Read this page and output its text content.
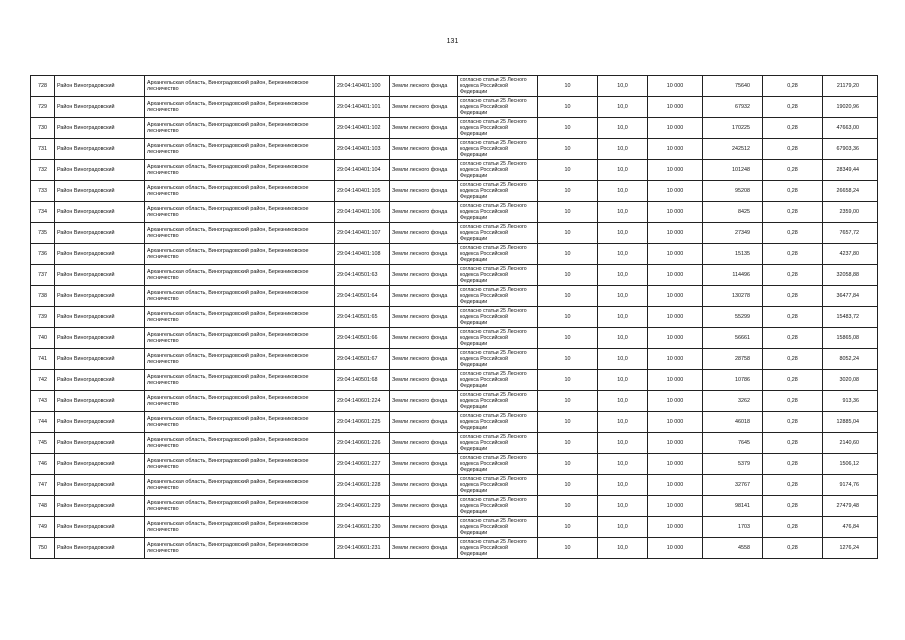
131
728	Район Виноградовский	Архангельская область, Виноградовский район, Березниковское лесничество	29:04:140401:100	Земли лесного фонда	согласно статьи 25 Лесного кодекса Российской Федерации	10	10,0	10 000	75640	0,28	21179,20
729	Район Виноградовский	Архангельская область, Виноградовский район, Березниковское лесничество	29:04:140401:101	Земли лесного фонда	согласно статьи 25 Лесного кодекса Российской Федерации	10	10,0	10 000	67932	0,28	19020,96
730	Район Виноградовский	Архангельская область, Виноградовский район, Березниковское лесничество	29:04:140401:102	Земли лесного фонда	согласно статьи 25 Лесного кодекса Российской Федерации	10	10,0	10 000	170225	0,28	47663,00
731	Район Виноградовский	Архангельская область, Виноградовский район, Березниковское лесничество	29:04:140401:103	Земли лесного фонда	согласно статьи 25 Лесного кодекса Российской Федерации	10	10,0	10 000	242512	0,28	67903,36
732	Район Виноградовский	Архангельская область, Виноградовский район, Березниковское лесничество	29:04:140401:104	Земли лесного фонда	согласно статьи 25 Лесного кодекса Российской Федерации	10	10,0	10 000	101248	0,28	28349,44
733	Район Виноградовский	Архангельская область, Виноградовский район, Березниковское лесничество	29:04:140401:105	Земли лесного фонда	согласно статьи 25 Лесного кодекса Российской Федерации	10	10,0	10 000	95208	0,28	26658,24
734	Район Виноградовский	Архангельская область, Виноградовский район, Березниковское лесничество	29:04:140401:106	Земли лесного фонда	согласно статьи 25 Лесного кодекса Российской Федерации	10	10,0	10 000	8425	0,28	2359,00
735	Район Виноградовский	Архангельская область, Виноградовский район, Березниковское лесничество	29:04:140401:107	Земли лесного фонда	согласно статьи 25 Лесного кодекса Российской Федерации	10	10,0	10 000	27349	0,28	7657,72
736	Район Виноградовский	Архангельская область, Виноградовский район, Березниковское лесничество	29:04:140401:108	Земли лесного фонда	согласно статьи 25 Лесного кодекса Российской Федерации	10	10,0	10 000	15135	0,28	4237,80
737	Район Виноградовский	Архангельская область, Виноградовский район, Березниковское лесничество	29:04:140501:63	Земли лесного фонда	согласно статьи 25 Лесного кодекса Российской Федерации	10	10,0	10 000	114496	0,28	32058,88
738	Район Виноградовский	Архангельская область, Виноградовский район, Березниковское лесничество	29:04:140501:64	Земли лесного фонда	согласно статьи 25 Лесного кодекса Российской Федерации	10	10,0	10 000	130278	0,28	36477,84
739	Район Виноградовский	Архангельская область, Виноградовский район, Березниковское лесничество	29:04:140501:65	Земли лесного фонда	согласно статьи 25 Лесного кодекса Российской Федерации	10	10,0	10 000	55299	0,28	15483,72
740	Район Виноградовский	Архангельская область, Виноградовский район, Березниковское лесничество	29:04:140501:66	Земли лесного фонда	согласно статьи 25 Лесного кодекса Российской Федерации	10	10,0	10 000	56661	0,28	15865,08
741	Район Виноградовский	Архангельская область, Виноградовский район, Березниковское лесничество	29:04:140501:67	Земли лесного фонда	согласно статьи 25 Лесного кодекса Российской Федерации	10	10,0	10 000	28758	0,28	8052,24
742	Район Виноградовский	Архангельская область, Виноградовский район, Березниковское лесничество	29:04:140501:68	Земли лесного фонда	согласно статьи 25 Лесного кодекса Российской Федерации	10	10,0	10 000	10786	0,28	3020,08
743	Район Виноградовский	Архангельская область, Виноградовский район, Березниковское лесничество	29:04:140601:224	Земли лесного фонда	согласно статьи 25 Лесного кодекса Российской Федерации	10	10,0	10 000	3262	0,28	913,36
744	Район Виноградовский	Архангельская область, Виноградовский район, Березниковское лесничество	29:04:140601:225	Земли лесного фонда	согласно статьи 25 Лесного кодекса Российской Федерации	10	10,0	10 000	46018	0,28	12885,04
745	Район Виноградовский	Архангельская область, Виноградовский район, Березниковское лесничество	29:04:140601:226	Земли лесного фонда	согласно статьи 25 Лесного кодекса Российской Федерации	10	10,0	10 000	7645	0,28	2140,60
746	Район Виноградовский	Архангельская область, Виноградовский район, Березниковское лесничество	29:04:140601:227	Земли лесного фонда	согласно статьи 25 Лесного кодекса Российской Федерации	10	10,0	10 000	5379	0,28	1506,12
747	Район Виноградовский	Архангельская область, Виноградовский район, Березниковское лесничество	29:04:140601:228	Земли лесного фонда	согласно статьи 25 Лесного кодекса Российской Федерации	10	10,0	10 000	32767	0,28	9174,76
748	Район Виноградовский	Архангельская область, Виноградовский район, Березниковское лесничество	29:04:140601:229	Земли лесного фонда	согласно статьи 25 Лесного кодекса Российской Федерации	10	10,0	10 000	98141	0,28	27479,48
749	Район Виноградовский	Архангельская область, Виноградовский район, Березниковское лесничество	29:04:140601:230	Земли лесного фонда	согласно статьи 25 Лесного кодекса Российской Федерации	10	10,0	10 000	1703	0,28	476,84
750	Район Виноградовский	Архангельская область, Виноградовский район, Березниковское лесничество	29:04:140601:231	Земли лесного фонда	согласно статьи 25 Лесного кодекса Российской Федерации	10	10,0	10 000	4558	0,28	1276,24
